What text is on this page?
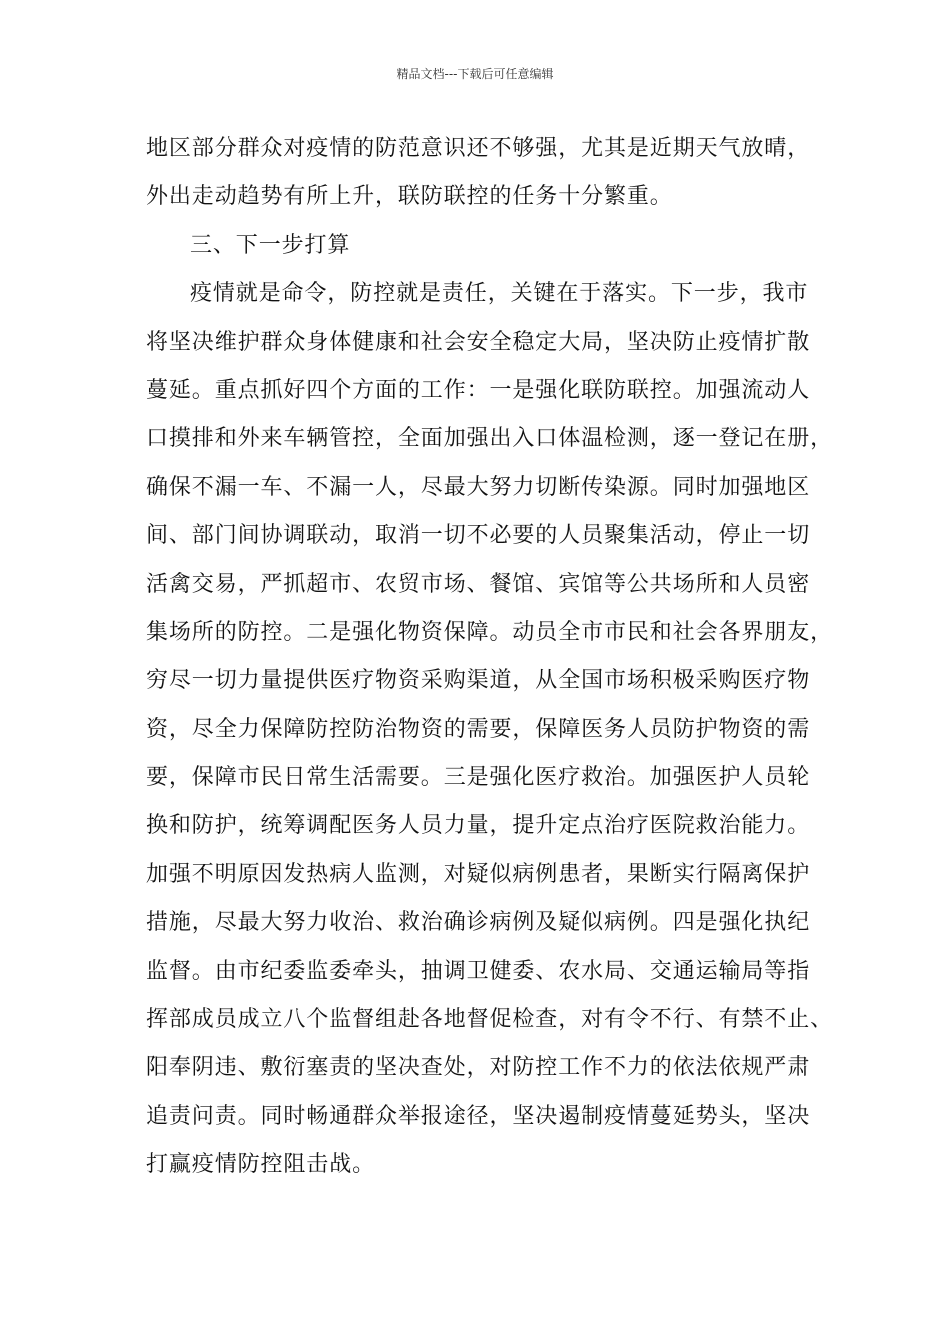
精品文档---下载后可任意编辑
地区部分群众对疫情的防范意识还不够强，尤其是近期天气放晴，
外出走动趋势有所上升，联防联控的任务十分繁重。
三、下一步打算
疫情就是命令，防控就是责任，关键在于落实。下一步，我市
将坚决维护群众身体健康和社会安全稳定大局，坚决防止疫情扩散
蔓延。重点抓好四个方面的工作：一是强化联防联控。加强流动人
口摸排和外来车辆管控，全面加强出入口体温检测，逐一登记在册，
确保不漏一车、不漏一人，尽最大努力切断传染源。同时加强地区
间、部门间协调联动，取消一切不必要的人员聚集活动，停止一切
活禽交易，严抓超市、农贸市场、餐馆、宾馆等公共场所和人员密
集场所的防控。二是强化物资保障。动员全市市民和社会各界朋友，
穷尽一切力量提供医疗物资采购渠道，从全国市场积极采购医疗物
资，尽全力保障防控防治物资的需要，保障医务人员防护物资的需
要，保障市民日常生活需要。三是强化医疗救治。加强医护人员轮
换和防护，统筹调配医务人员力量，提升定点治疗医院救治能力。
加强不明原因发热病人监测，对疑似病例患者，果断实行隔离保护
措施，尽最大努力收治、救治确诊病例及疑似病例。四是强化执纪
监督。由市纪委监委牵头，抽调卫健委、农水局、交通运输局等指
挥部成员成立八个监督组赴各地督促检查，对有令不行、有禁不止、
阳奉阴违、敷衍塞责的坚决查处，对防控工作不力的依法依规严肃
追责问责。同时畅通群众举报途径，坚决遏制疫情蔓延势头，坚决
打赢疫情防控阻击战。
